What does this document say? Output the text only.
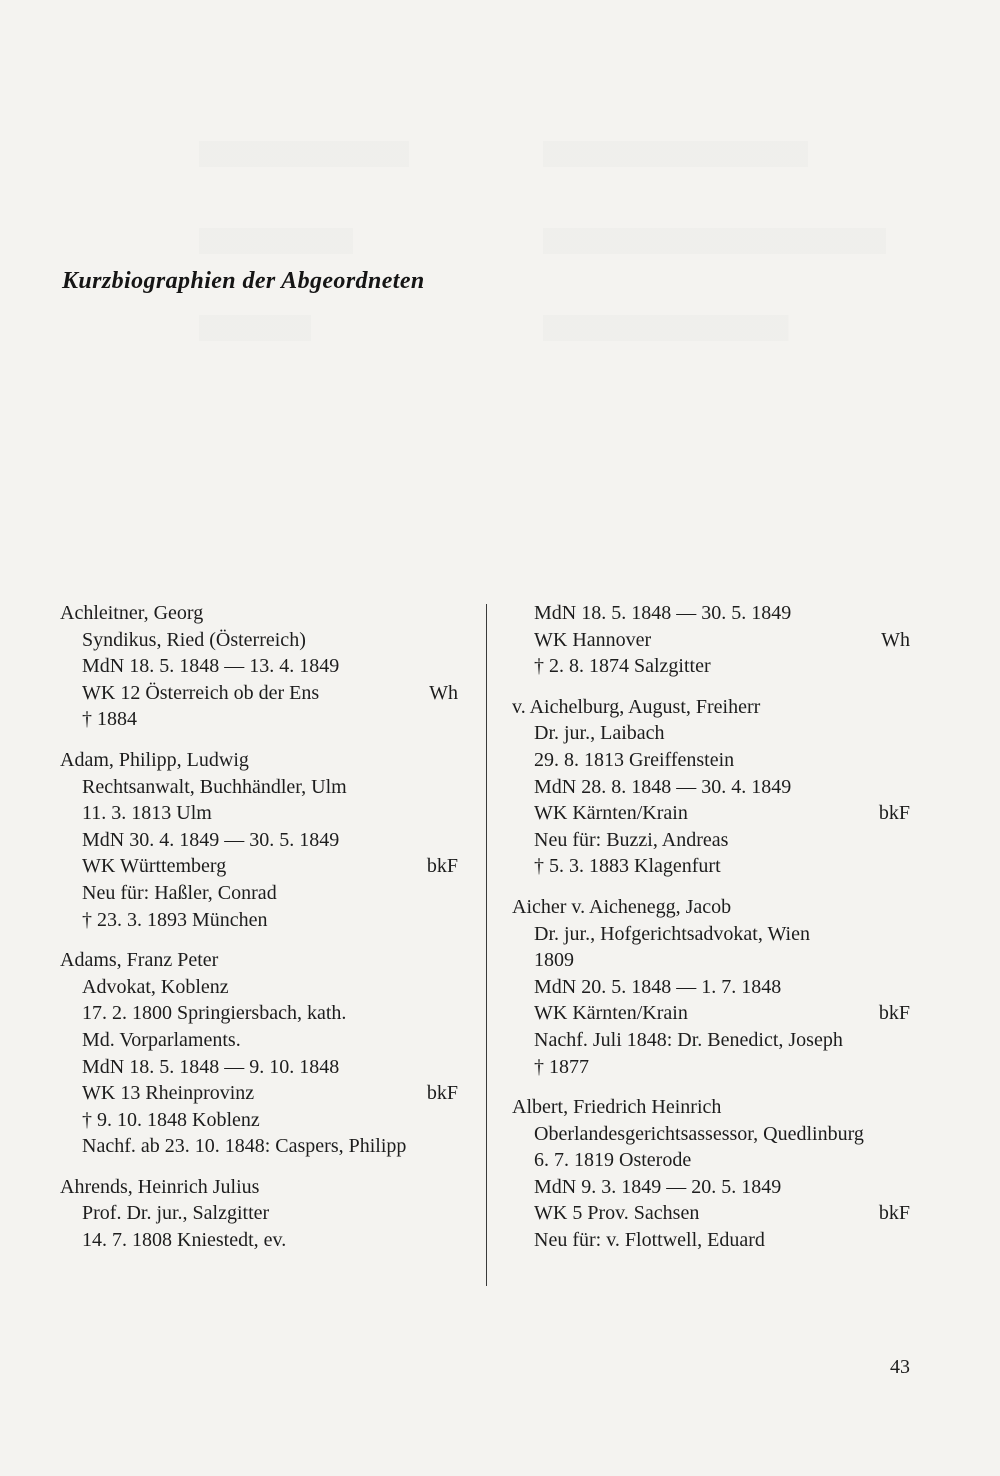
Kurzbiographien der Abgeordneten
Achleitner, Georg
Syndikus, Ried (Österreich)
MdN 18. 5. 1848 — 13. 4. 1849
WK 12 Österreich ob der Ens	Wh
† 1884
Adam, Philipp, Ludwig
Rechtsanwalt, Buchhändler, Ulm
11. 3. 1813 Ulm
MdN 30. 4. 1849 — 30. 5. 1849
WK Württemberg	bkF
Neu für: Haßler, Conrad
† 23. 3. 1893 München
Adams, Franz Peter
Advokat, Koblenz
17. 2. 1800 Springiersbach, kath.
Md. Vorparlaments.
MdN 18. 5. 1848 — 9. 10. 1848
WK 13 Rheinprovinz	bkF
† 9. 10. 1848 Koblenz
Nachf. ab 23. 10. 1848: Caspers, Philipp
Ahrends, Heinrich Julius
Prof. Dr. jur., Salzgitter
14. 7. 1808 Kniestedt, ev.
MdN 18. 5. 1848 — 30. 5. 1849
WK Hannover	Wh
† 2. 8. 1874 Salzgitter
v. Aichelburg, August, Freiherr
Dr. jur., Laibach
29. 8. 1813 Greiffenstein
MdN 28. 8. 1848 — 30. 4. 1849
WK Kärnten/Krain	bkF
Neu für: Buzzi, Andreas
† 5. 3. 1883 Klagenfurt
Aicher v. Aichenegg, Jacob
Dr. jur., Hofgerichtsadvokat, Wien
1809
MdN 20. 5. 1848 — 1. 7. 1848
WK Kärnten/Krain	bkF
Nachf. Juli 1848: Dr. Benedict, Joseph
† 1877
Albert, Friedrich Heinrich
Oberlandesgerichtsassessor, Quedlinburg
6. 7. 1819 Osterode
MdN 9. 3. 1849 — 20. 5. 1849
WK 5 Prov. Sachsen	bkF
Neu für: v. Flottwell, Eduard
43
